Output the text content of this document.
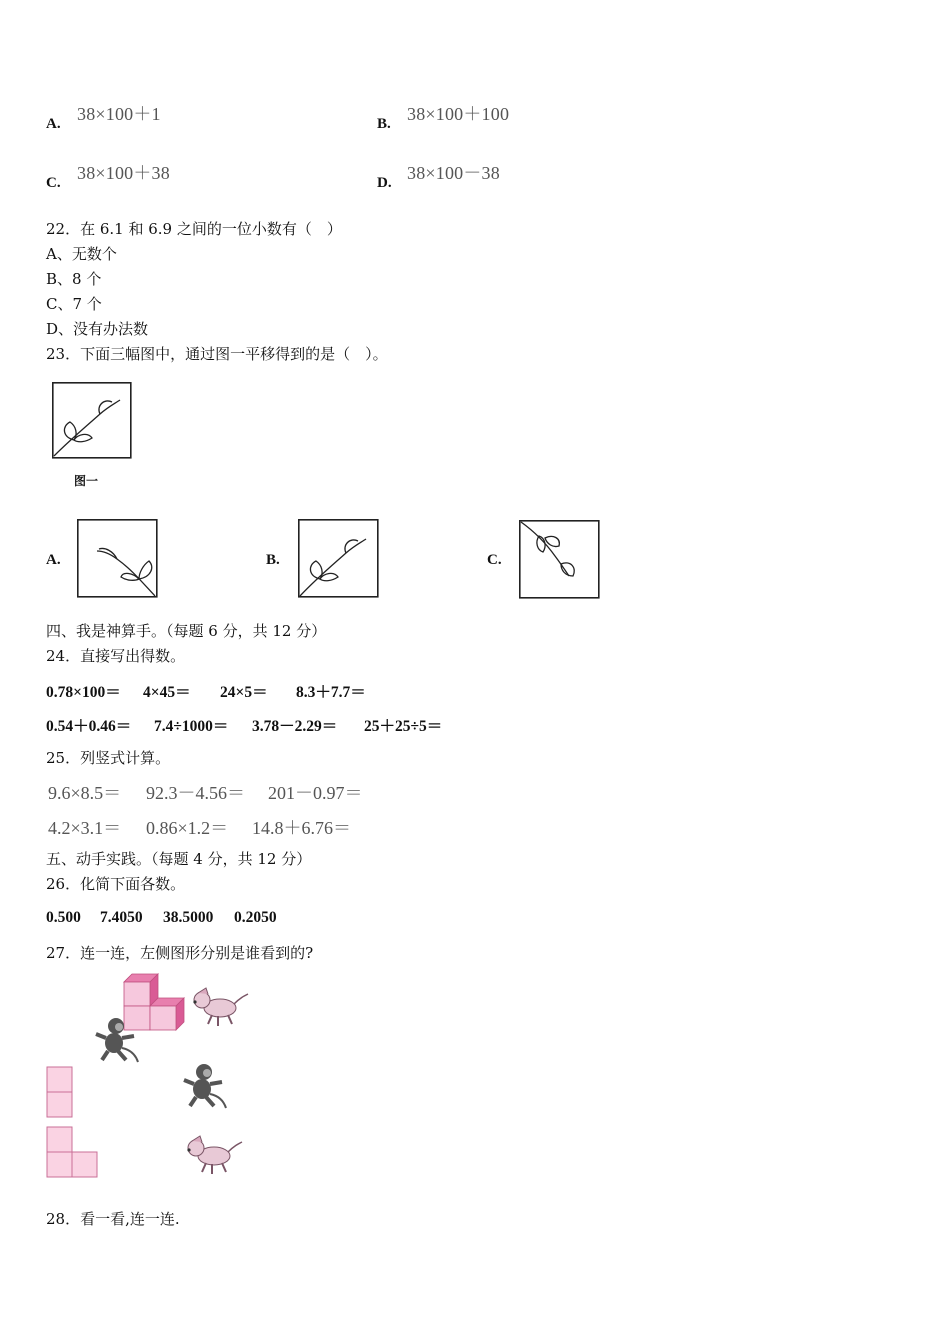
A. 38×100＋1	B. 38×100＋100
C. 38×100＋38	D. 38×100－38
22．在 6.1 和 6.9 之间的一位小数有（　）
A、无数个
B、8 个
C、7 个
D、没有办法数
23．下面三幅图中，通过图一平移得到的是（　）。
图一
A.	B.	C.
四、我是神算手。（每题 6 分，共 12 分）
24．直接写出得数。
0.78×100＝ 4×45＝ 24×5＝ 8.3＋7.7＝
0.54＋0.46＝ 7.4÷1000＝ 3.78－2.29＝ 25＋25÷5＝
25．列竖式计算。
9.6×8.5＝ 92.3－4.56＝ 201－0.97＝
4.2×3.1＝ 0.86×1.2＝ 14.8＋6.76＝
五、动手实践。（每题 4 分，共 12 分）
26．化简下面各数。
0.500 7.4050 38.5000 0.2050
27．连一连，左侧图形分别是谁看到的?
28．看一看,连一连.
